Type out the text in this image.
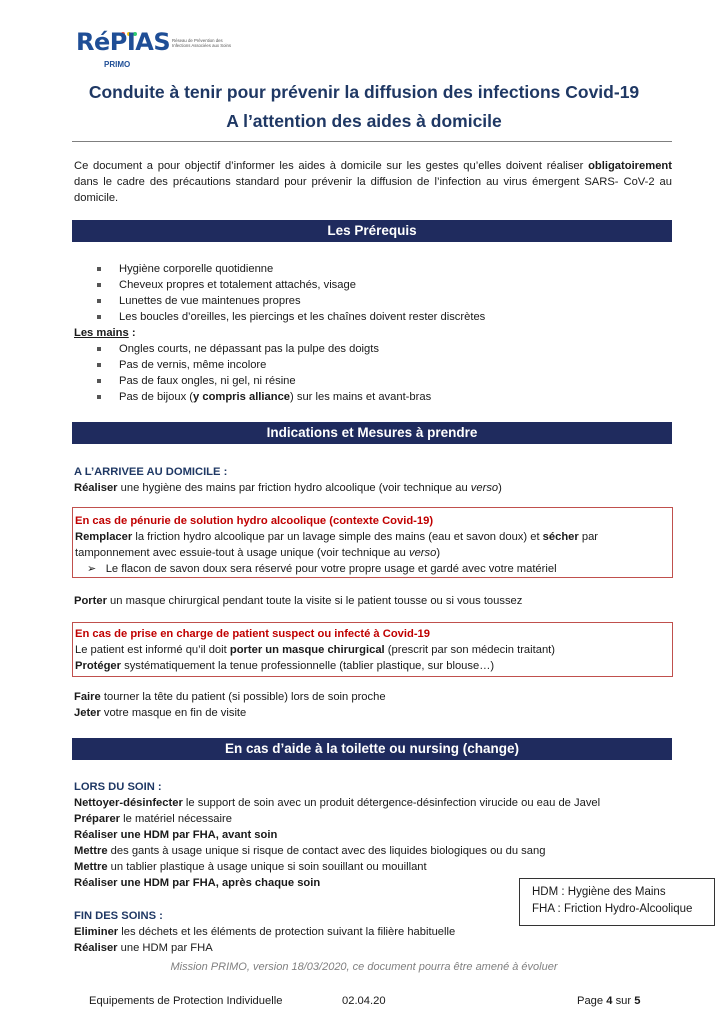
RéPIAS
PRIMO
Réseau de Prévention des Infections Associées aux Soins
Conduite à tenir pour prévenir la diffusion des infections Covid-19
A l’attention des aides à domicile
Ce document a pour objectif d’informer les aides à domicile sur les gestes qu’elles doivent réaliser obligatoirement dans le cadre des précautions standard pour prévenir la diffusion de l’infection au virus émergent SARS- CoV-2 au domicile.
Les Prérequis
Hygiène corporelle quotidienne
Cheveux propres et totalement attachés, visage
Lunettes de vue maintenues propres
Les boucles d’oreilles, les piercings et les chaînes doivent rester discrètes
Les mains :
Ongles courts, ne dépassant pas la pulpe des doigts
Pas de vernis, même incolore
Pas de faux ongles, ni gel, ni résine
Pas de bijoux (y compris alliance) sur les mains et avant-bras
Indications et Mesures à prendre
A L’ARRIVEE AU DOMICILE :
Réaliser une hygiène des mains par friction hydro alcoolique (voir technique au verso)
En cas de pénurie de solution hydro alcoolique (contexte Covid-19)
Remplacer la friction hydro alcoolique par un lavage simple des mains (eau et savon doux) et sécher par
tamponnement avec essuie-tout à usage unique (voir technique au verso)
➢ Le flacon de savon doux sera réservé pour votre propre usage et gardé avec votre matériel
Porter un masque chirurgical pendant toute la visite si le patient tousse ou si vous toussez
En cas de prise en charge de patient suspect ou infecté à Covid-19
Le patient est informé qu’il doit porter un masque chirurgical (prescrit par son médecin traitant)
Protéger systématiquement la tenue professionnelle (tablier plastique, sur blouse…)
Faire tourner la tête du patient (si possible) lors de soin proche
Jeter votre masque en fin de visite
En cas d’aide à la toilette ou nursing (change)
LORS DU SOIN :
Nettoyer-désinfecter le support de soin avec un produit détergence-désinfection virucide ou eau de Javel
Préparer le matériel nécessaire
Réaliser une HDM par FHA, avant soin
Mettre des gants à usage unique si risque de contact avec des liquides biologiques ou du sang
Mettre un tablier plastique à usage unique si soin souillant ou mouillant
Réaliser une HDM par FHA, après chaque soin
FIN DES SOINS :
Eliminer les déchets et les éléments de protection suivant la filière habituelle
Réaliser une HDM par FHA
HDM : Hygiène des Mains
FHA : Friction Hydro-Alcoolique
Mission PRIMO, version 18/03/2020, ce document pourra être amené à évoluer
Equipements de Protection Individuelle	02.04.20	Page 4 sur 5
